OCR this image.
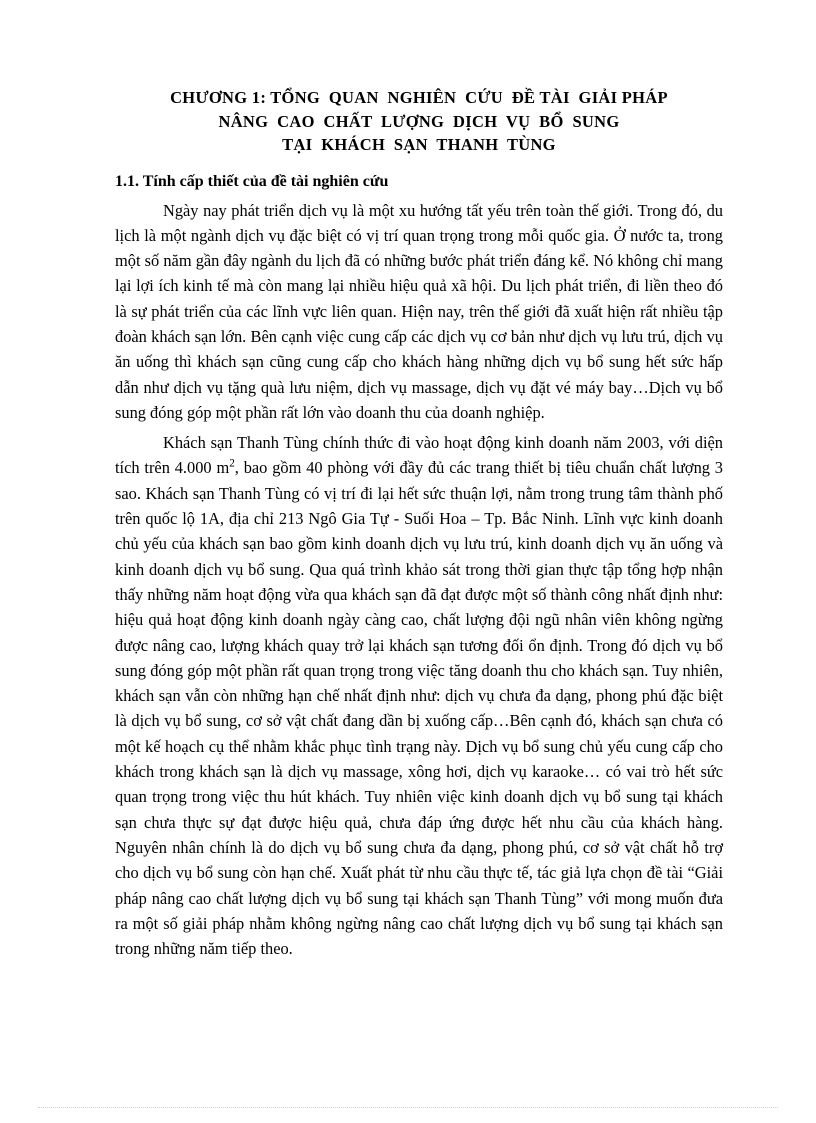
CHƯƠNG 1: TỔNG  QUAN  NGHIÊN  CỨU  ĐỀ TÀI  GIẢI PHÁP
NÂNG  CAO  CHẤT  LƯỢNG  DỊCH  VỤ  BỔ  SUNG
TẠI  KHÁCH  SẠN  THANH  TÙNG
1.1. Tính cấp thiết của đề tài nghiên cứu

Ngày nay phát triển dịch vụ là một xu hướng tất yếu trên toàn thế giới. Trong đó, du lịch là một ngành dịch vụ đặc biệt có vị trí quan trọng trong mỗi quốc gia. Ở nước ta, trong một số năm gần đây ngành du lịch đã có những bước phát triển đáng kể. Nó không chỉ mang lại lợi ích kinh tế mà còn mang lại nhiều hiệu quả xã hội. Du lịch phát triển, đi liền theo đó là sự phát triển của các lĩnh vực liên quan. Hiện nay, trên thế giới đã xuất hiện rất nhiều tập đoàn khách sạn lớn. Bên cạnh việc cung cấp các dịch vụ cơ bản như dịch vụ lưu trú, dịch vụ ăn uống thì khách sạn cũng cung cấp cho khách hàng những dịch vụ bổ sung hết sức hấp dẫn như dịch vụ tặng quà lưu niệm, dịch vụ massage, dịch vụ đặt vé máy bay…Dịch vụ bổ sung đóng góp một phần rất lớn vào doanh thu của doanh nghiệp.

Khách sạn Thanh Tùng chính thức đi vào hoạt động kinh doanh năm 2003, với diện tích trên 4.000 $m^2$, bao gồm 40 phòng với đầy đủ các trang thiết bị tiêu chuẩn chất lượng 3 sao. Khách sạn Thanh Tùng có vị trí đi lại hết sức thuận lợi, nằm trong trung tâm thành phố trên quốc lộ 1A, địa chỉ 213 Ngô Gia Tự - Suối Hoa – Tp. Bắc Ninh. Lĩnh vực kinh doanh chủ yếu của khách sạn bao gồm kinh doanh dịch vụ lưu trú, kinh doanh dịch vụ ăn uống và kinh doanh dịch vụ bổ sung. Qua quá trình khảo sát trong thời gian thực tập tổng hợp nhận thấy những năm hoạt động vừa qua khách sạn đã đạt được một số thành công nhất định như: hiệu quả hoạt động kinh doanh ngày càng cao, chất lượng đội ngũ nhân viên không ngừng được nâng cao, lượng khách quay trở lại khách sạn tương đối ổn định. Trong đó dịch vụ bổ sung đóng góp một phần rất quan trọng trong việc tăng doanh thu cho khách sạn. Tuy nhiên, khách sạn vẫn còn những hạn chế nhất định như: dịch vụ chưa đa dạng, phong phú đặc biệt là dịch vụ bổ sung, cơ sở vật chất đang dần bị xuống cấp…Bên cạnh đó, khách sạn chưa có một kế hoạch cụ thể nhằm khắc phục tình trạng này. Dịch vụ bổ sung chủ yếu cung cấp cho khách trong khách sạn là dịch vụ massage, xông hơi, dịch vụ karaoke… có vai trò hết sức quan trọng trong việc thu hút khách. Tuy nhiên việc kinh doanh dịch vụ bổ sung tại khách sạn chưa thực sự đạt được hiệu quả, chưa đáp ứng được hết nhu cầu của khách hàng. Nguyên nhân chính là do dịch vụ bổ sung chưa đa dạng, phong phú, cơ sở vật chất hỗ trợ cho dịch vụ bổ sung còn hạn chế. Xuất phát từ nhu cầu thực tế, tác giả lựa chọn đề tài “Giải pháp nâng cao chất lượng dịch vụ bổ sung tại khách sạn Thanh Tùng” với mong muốn đưa ra một số giải pháp nhằm không ngừng nâng cao chất lượng dịch vụ bổ sung tại khách sạn trong những năm tiếp theo.
